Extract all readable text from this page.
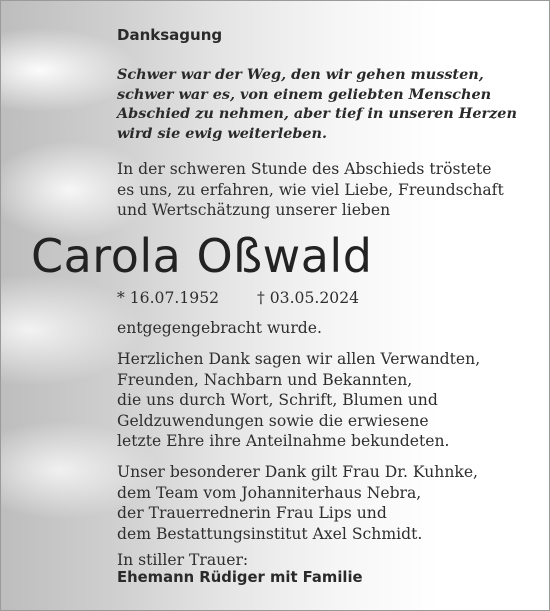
Danksagung
Schwer war der Weg, den wir gehen mussten,
schwer war es, von einem geliebten Menschen
Abschied zu nehmen, aber tief in unseren Herzen
wird sie ewig weiterleben.
In der schweren Stunde des Abschieds tröstete
es uns, zu erfahren, wie viel Liebe, Freundschaft
und Wertschätzung unserer lieben
Carola Oßwald
* 16.07.1952 † 03.05.2024
entgegengebracht wurde.
Herzlichen Dank sagen wir allen Verwandten,
Freunden, Nachbarn und Bekannten,
die uns durch Wort, Schrift, Blumen und
Geldzuwendungen sowie die erwiesene
letzte Ehre ihre Anteilnahme bekundeten.
Unser besonderer Dank gilt Frau Dr. Kuhnke,
dem Team vom Johanniterhaus Nebra,
der Trauerrednerin Frau Lips und
dem Bestattungsinstitut Axel Schmidt.
In stiller Trauer:
Ehemann Rüdiger mit Familie
